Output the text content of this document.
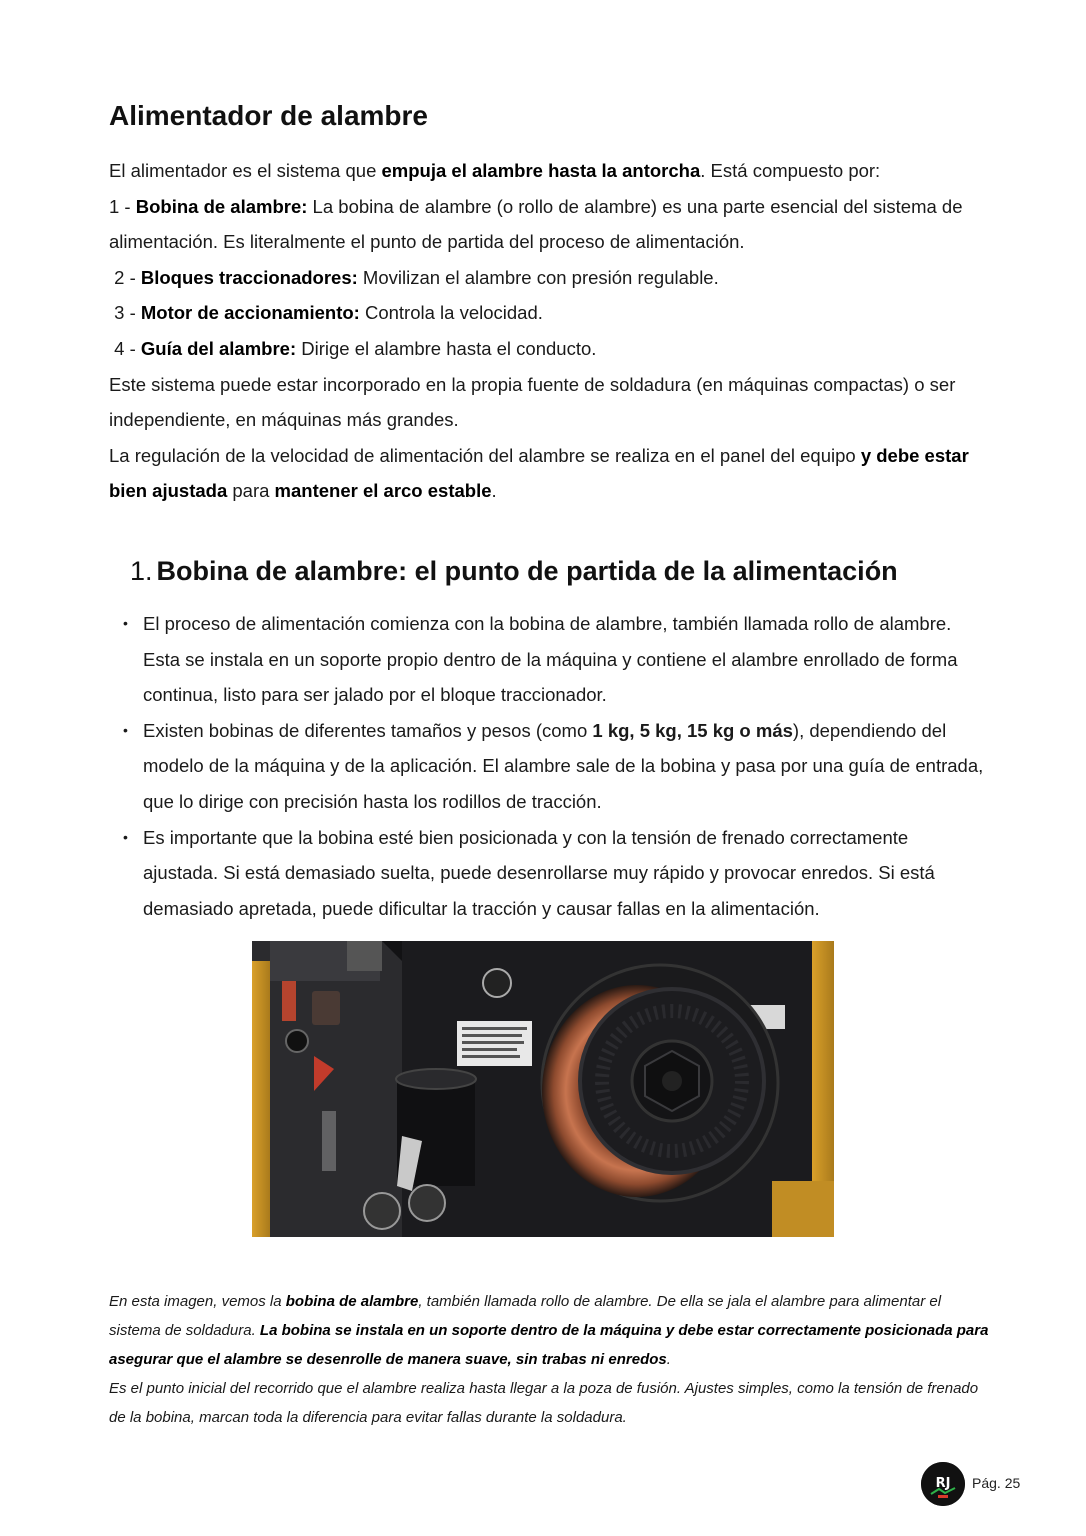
Alimentador de alambre

El alimentador es el sistema que empuja el alambre hasta la antorcha. Está compuesto por:

1 - Bobina de alambre: La bobina de alambre (o rollo de alambre) es una parte esencial del sistema de alimentación. Es literalmente el punto de partida del proceso de alimentación.

2 - Bloques traccionadores: Movilizan el alambre con presión regulable.

3 - Motor de accionamiento: Controla la velocidad.

4 - Guía del alambre: Dirige el alambre hasta el conducto.

Este sistema puede estar incorporado en la propia fuente de soldadura (en máquinas compactas) o ser independiente, en máquinas más grandes.

La regulación de la velocidad de alimentación del alambre se realiza en el panel del equipo y debe estar bien ajustada para mantener el arco estable.

1. Bobina de alambre: el punto de partida de la alimentación
• El proceso de alimentación comienza con la bobina de alambre, también llamada rollo de alambre. Esta se instala en un soporte propio dentro de la máquina y contiene el alambre enrollado de forma continua, listo para ser jalado por el bloque traccionador.
• Existen bobinas de diferentes tamaños y pesos (como 1 kg, 5 kg, 15 kg o más), dependiendo del modelo de la máquina y de la aplicación. El alambre sale de la bobina y pasa por una guía de entrada, que lo dirige con precisión hasta los rodillos de tracción.
• Es importante que la bobina esté bien posicionada y con la tensión de frenado correctamente ajustada. Si está demasiado suelta, puede desenrollarse muy rápido y provocar enredos. Si está demasiado apretada, puede dificultar la tracción y causar fallas en la alimentación.

En esta imagen, vemos la bobina de alambre, también llamada rollo de alambre. De ella se jala el alambre para alimentar el sistema de soldadura. La bobina se instala en un soporte dentro de la máquina y debe estar correctamente posicionada para asegurar que el alambre se desenrolle de manera suave, sin trabas ni enredos.

Es el punto inicial del recorrido que el alambre realiza hasta llegar a la poza de fusión. Ajustes simples, como la tensión de frenado de la bobina, marcan toda la diferencia para evitar fallas durante la soldadura.

RJ Pág. 25
